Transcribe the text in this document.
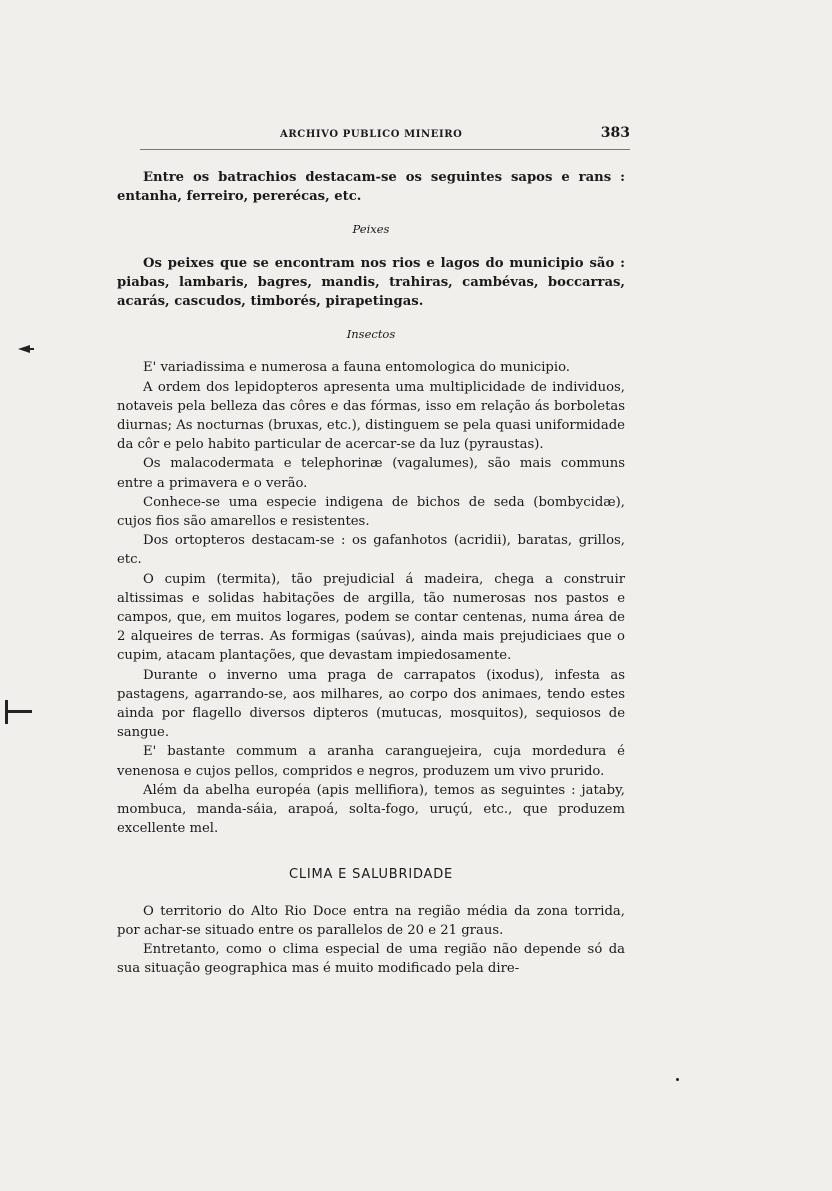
ARCHIVO PUBLICO MINEIRO	383

Entre os batrachios destacam-se os seguintes sapos e rans : entanha, ferreiro, pererécas, etc.

Peixes

Os peixes que se encontram nos rios e lagos do municipio são : piabas, lambaris, bagres, mandis, trahiras, cambévas, boccarras, acarás, cascudos, timborés, pirapetingas.

Insectos

E' variadissima e numerosa a fauna entomologica do municipio.

A ordem dos lepidopteros apresenta uma multiplicidade de individuos, notaveis pela belleza das côres e das fórmas, isso em relação ás borboletas diurnas; As nocturnas (bruxas, etc.), distinguem se pela quasi uniformidade da côr e pelo habito particular de acercar-se da luz (pyraustas).

Os malacodermata e telephorinæ (vagalumes), são mais communs entre a primavera e o verão.

Conhece-se uma especie indigena de bichos de seda (bombycidæ), cujos fios são amarellos e resistentes.

Dos ortopteros destacam-se : os gafanhotos (acridii), baratas, grillos, etc.

O cupim (termita), tão prejudicial á madeira, chega a construir altissimas e solidas habitações de argilla, tão numerosas nos pastos e campos, que, em muitos logares, podem se contar centenas, numa área de 2 alqueires de terras. As formigas (saúvas), ainda mais prejudiciaes que o cupim, atacam plantações, que devastam impiedosamente.

Durante o inverno uma praga de carrapatos (ixodus), infesta as pastagens, agarrando-se, aos milhares, ao corpo dos animaes, tendo estes ainda por flagello diversos dipteros (mutucas, mosquitos), sequiosos de sangue.

E' bastante commum a aranha caranguejeira, cuja mordedura é venenosa e cujos pellos, compridos e negros, produzem um vivo prurido.

Além da abelha européa (apis mellifiora), temos as seguintes : jataby, mombuca, manda-sáia, arapoá, solta-fogo, uruçú, etc., que produzem excellente mel.

CLIMA E SALUBRIDADE

O territorio do Alto Rio Doce entra na região média da zona torrida, por achar-se situado entre os parallelos de 20 e 21 graus.

Entretanto, como o clima especial de uma região não depende só da sua situação geographica mas é muito modificado pela dire-
